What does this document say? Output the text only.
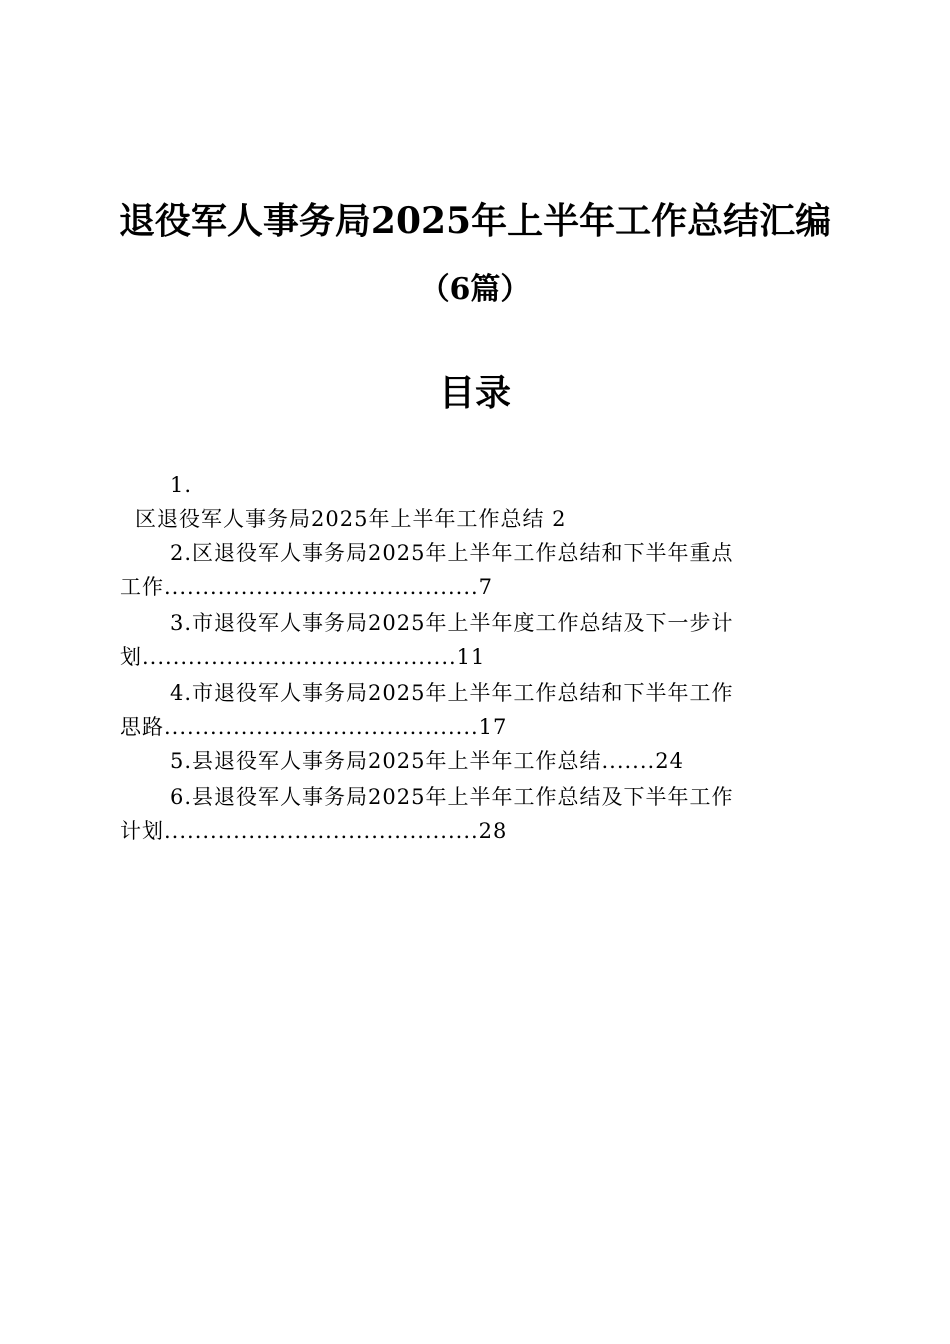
退役军人事务局2025年上半年工作总结汇编
（6篇）
目录
1.
区退役军人事务局2025年上半年工作总结 2
2.区退役军人事务局2025年上半年工作总结和下半年重点
工作.........................................7
3.市退役军人事务局2025年上半年度工作总结及下一步计
划.........................................11
4.市退役军人事务局2025年上半年工作总结和下半年工作
思路.........................................17
5.县退役军人事务局2025年上半年工作总结.......24
6.县退役军人事务局2025年上半年工作总结及下半年工作
计划.........................................28
